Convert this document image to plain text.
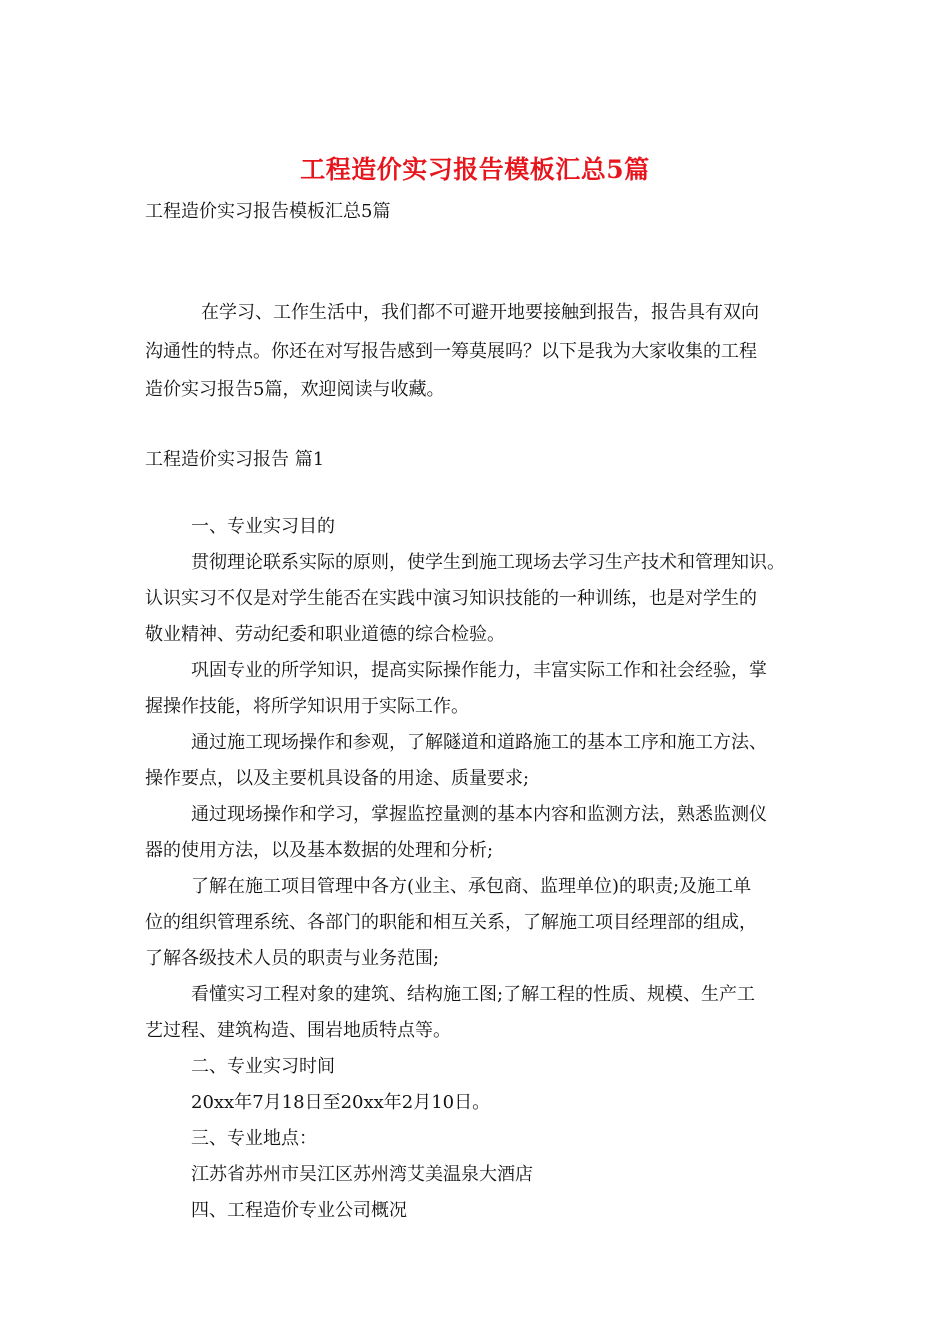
工程造价实习报告模板汇总5篇
工程造价实习报告模板汇总5篇
在学习、工作生活中，我们都不可避开地要接触到报告，报告具有双向
沟通性的特点。你还在对写报告感到一筹莫展吗？以下是我为大家收集的工程
造价实习报告5篇，欢迎阅读与收藏。
工程造价实习报告 篇1
一、专业实习目的
贯彻理论联系实际的原则，使学生到施工现场去学习生产技术和管理知识。
认识实习不仅是对学生能否在实践中演习知识技能的一种训练，也是对学生的
敬业精神、劳动纪委和职业道德的综合检验。
巩固专业的所学知识，提高实际操作能力，丰富实际工作和社会经验，掌
握操作技能，将所学知识用于实际工作。
通过施工现场操作和参观，了解隧道和道路施工的基本工序和施工方法、
操作要点，以及主要机具设备的用途、质量要求;
通过现场操作和学习，掌握监控量测的基本内容和监测方法，熟悉监测仪
器的使用方法，以及基本数据的处理和分析;
了解在施工项目管理中各方(业主、承包商、监理单位)的职责;及施工单
位的组织管理系统、各部门的职能和相互关系，了解施工项目经理部的组成，
了解各级技术人员的职责与业务范围;
看懂实习工程对象的建筑、结构施工图;了解工程的性质、规模、生产工
艺过程、建筑构造、围岩地质特点等。
二、专业实习时间
20xx年7月18日至20xx年2月10日。
三、专业地点：
江苏省苏州市吴江区苏州湾艾美温泉大酒店
四、工程造价专业公司概况
